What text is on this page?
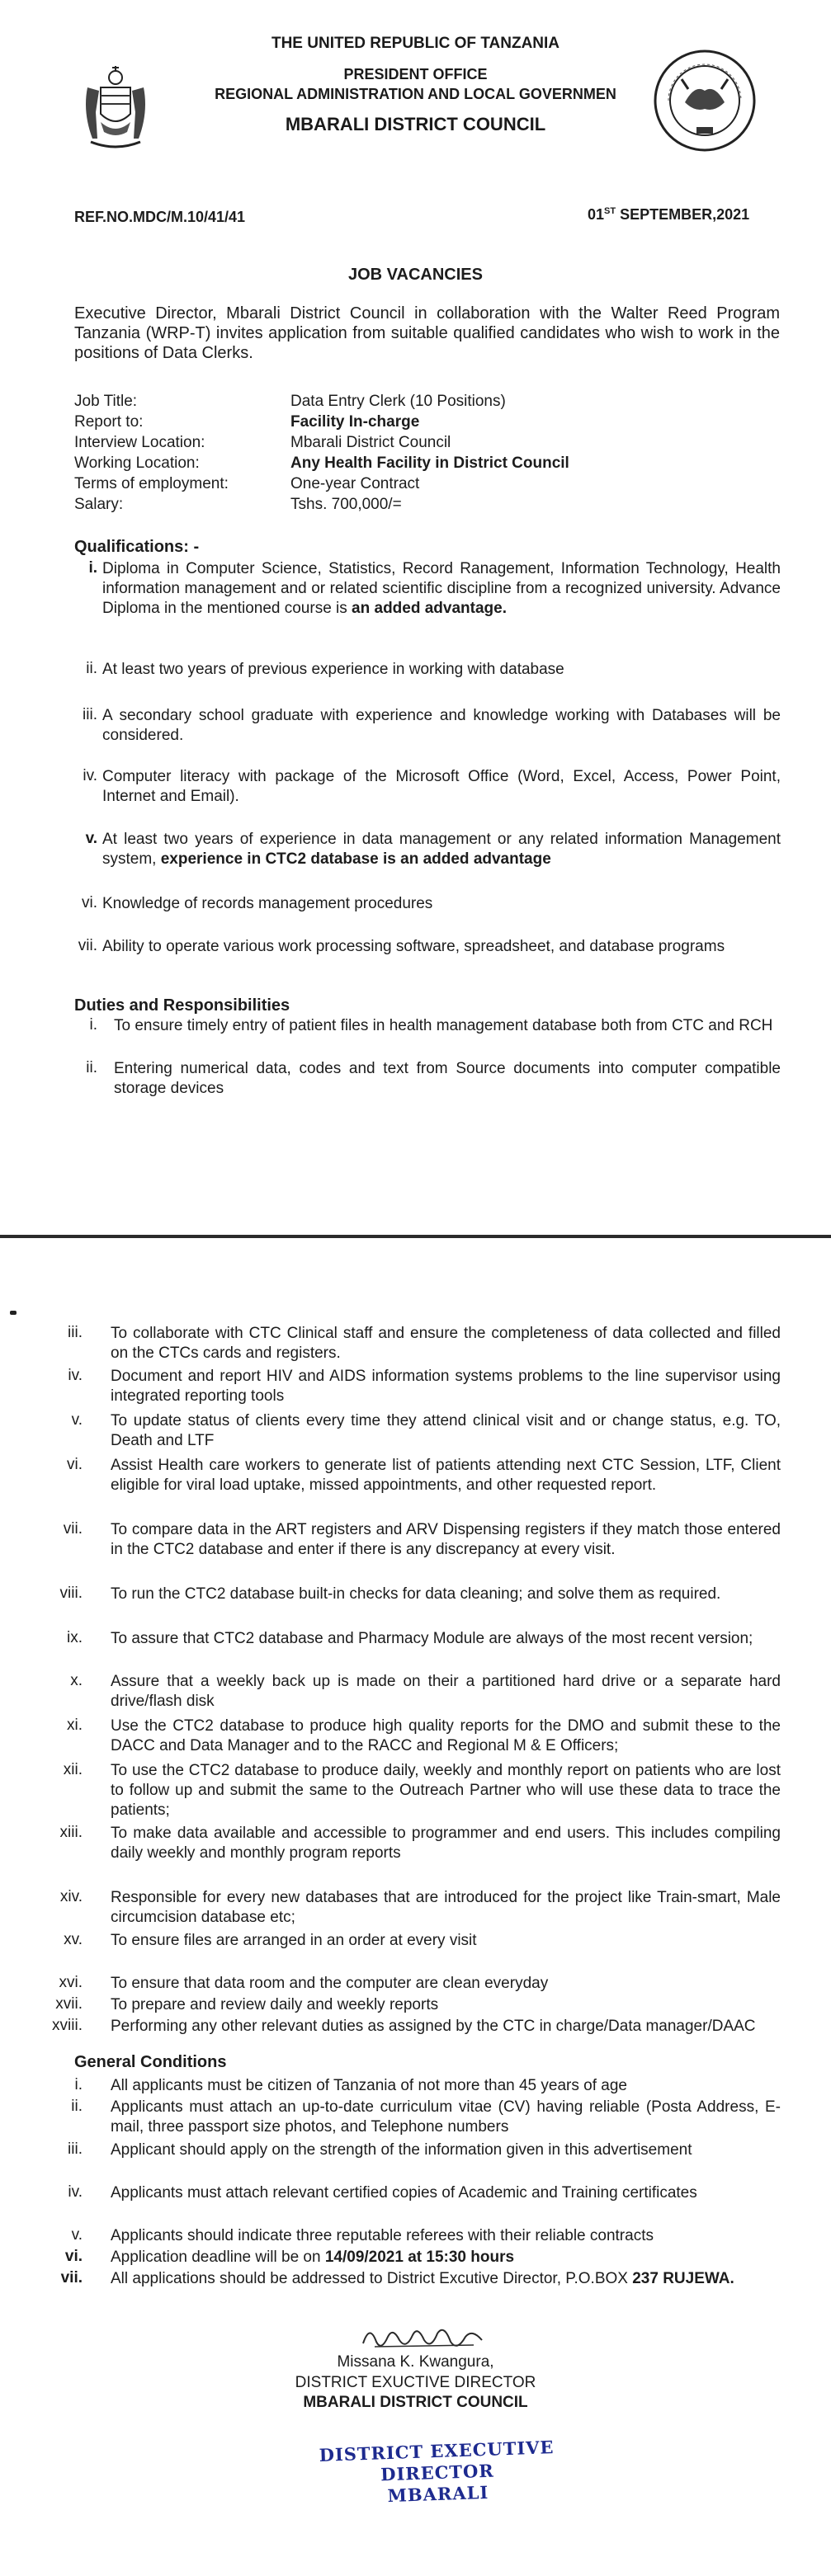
THE UNITED REPUBLIC OF TANZANIA
PRESIDENT OFFICE
REGIONAL ADMINISTRATION AND LOCAL GOVERNMEN
MBARALI DISTRICT COUNCIL
REF.NO.MDC/M.10/41/41	01ST SEPTEMBER,2021
JOB VACANCIES
Executive Director, Mbarali District Council in collaboration with the Walter Reed Program Tanzania (WRP-T) invites application from suitable qualified candidates who wish to work in the positions of Data Clerks.
Job Title:	Data Entry Clerk (10 Positions)
Report to:	Facility In-charge
Interview Location:	Mbarali District Council
Working Location:	Any Health Facility in District Council
Terms of employment:	One-year Contract
Salary:	Tshs. 700,000/=
Qualifications: -
i. Diploma in Computer Science, Statistics, Record Ranagement, Information Technology, Health information management and or related scientific discipline from a recognized university. Advance Diploma in the mentioned course is an added advantage.
ii. At least two years of previous experience in working with database
iii. A secondary school graduate with experience and knowledge working with Databases will be considered.
iv. Computer literacy with package of the Microsoft Office (Word, Excel, Access, Power Point, Internet and Email).
v. At least two years of experience in data management or any related information Management system, experience in CTC2 database is an added advantage
vi. Knowledge of records management procedures
vii. Ability to operate various work processing software, spreadsheet, and database programs
Duties and Responsibilities
i. To ensure timely entry of patient files in health management database both from CTC and RCH
ii. Entering numerical data, codes and text from Source documents into computer compatible storage devices
iii. To collaborate with CTC Clinical staff and ensure the completeness of data collected and filled on the CTCs cards and registers.
iv. Document and report HIV and AIDS information systems problems to the line supervisor using integrated reporting tools
v. To update status of clients every time they attend clinical visit and or change status, e.g. TO, Death and LTF
vi. Assist Health care workers to generate list of patients attending next CTC Session, LTF, Client eligible for viral load uptake, missed appointments, and other requested report.
vii. To compare data in the ART registers and ARV Dispensing registers if they match those entered in the CTC2 database and enter if there is any discrepancy at every visit.
viii. To run the CTC2 database built-in checks for data cleaning; and solve them as required.
ix. To assure that CTC2 database and Pharmacy Module are always of the most recent version;
x. Assure that a weekly back up is made on their a partitioned hard drive or a separate hard drive/flash disk
xi. Use the CTC2 database to produce high quality reports for the DMO and submit these to the DACC and Data Manager and to the RACC and Regional M & E Officers;
xii. To use the CTC2 database to produce daily, weekly and monthly report on patients who are lost to follow up and submit the same to the Outreach Partner who will use these data to trace the patients;
xiii. To make data available and accessible to programmer and end users. This includes compiling daily weekly and monthly program reports
xiv. Responsible for every new databases that are introduced for the project like Train-smart, Male circumcision database etc;
xv. To ensure files are arranged in an order at every visit
xvi. To ensure that data room and the computer are clean everyday
xvii. To prepare and review daily and weekly reports
xviii. Performing any other relevant duties as assigned by the CTC in charge/Data manager/DAAC
General Conditions
i. All applicants must be citizen of Tanzania of not more than 45 years of age
ii. Applicants must attach an up-to-date curriculum vitae (CV) having reliable (Posta Address, E-mail, three passport size photos, and Telephone numbers
iii. Applicant should apply on the strength of the information given in this advertisement
iv. Applicants must attach relevant certified copies of Academic and Training certificates
v. Applicants should indicate three reputable referees with their reliable contracts
vi. Application deadline will be on 14/09/2021 at 15:30 hours
vii. All applications should be addressed to District Excutive Director, P.O.BOX 237 RUJEWA.
Missana K. Kwangura,
DISTRICT EXUCTIVE DIRECTOR
MBARALI DISTRICT COUNCIL
DISTRICT EXECUTIVE DIRECTOR
MBARALI
